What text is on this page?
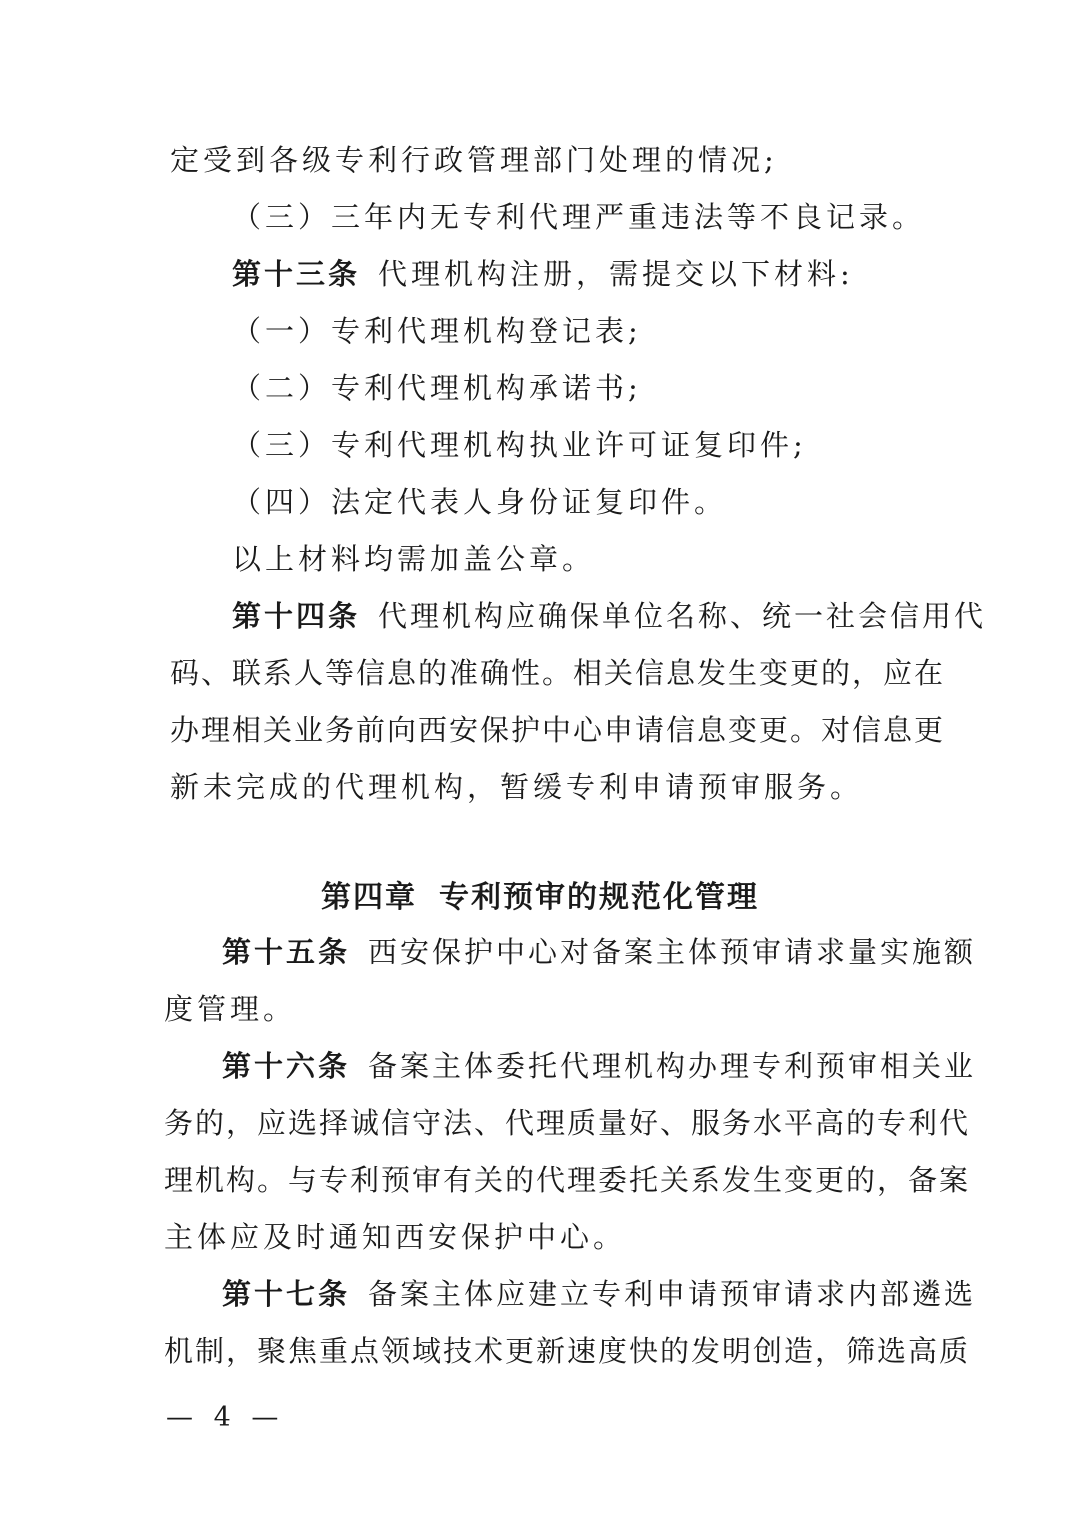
定受到各级专利行政管理部门处理的情况;

（三）三年内无专利代理严重违法等不良记录。

第十三条 代理机构注册，需提交以下材料:

（一）专利代理机构登记表;

（二）专利代理机构承诺书;

（三）专利代理机构执业许可证复印件;

（四）法定代表人身份证复印件。

以上材料均需加盖公章。

第十四条 代理机构应确保单位名称、统一社会信用代

码、联系人等信息的准确性。相关信息发生变更的，应在

办理相关业务前向西安保护中心申请信息变更。对信息更

新未完成的代理机构，暂缓专利申请预审服务。

第四章 专利预审的规范化管理

第十五条 西安保护中心对备案主体预审请求量实施额

度管理。

第十六条 备案主体委托代理机构办理专利预审相关业

务的，应选择诚信守法、代理质量好、服务水平高的专利代

理机构。与专利预审有关的代理委托关系发生变更的，备案

主体应及时通知西安保护中心。

第十七条 备案主体应建立专利申请预审请求内部遴选

机制，聚焦重点领域技术更新速度快的发明创造，筛选高质

— 4 —
